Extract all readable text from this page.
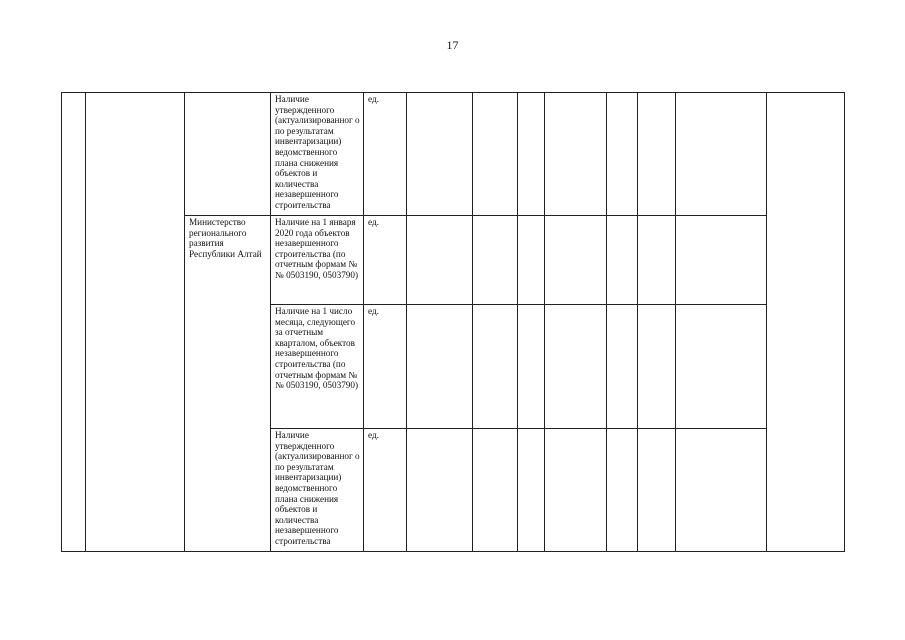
17
			Наличие утвержденного (актуализированног о по результатам инвентаризации) ведомственного плана снижения объектов и количества незавершенного строительства	ед.								
		Министерство регионального развития Республики Алтай	Наличие на 1 января 2020 года объектов незавершенного строительства (по отчетным формам №№ 0503190, 0503790)	ед.								
			Наличие на 1 число месяца, следующего за отчетным кварталом, объектов незавершенного строительства (по отчетным формам №№ 0503190, 0503790)	ед.								
			Наличие утвержденного (актуализированног о по результатам инвентаризации) ведомственного плана снижения объектов и количества незавершенного строительства	ед.								
